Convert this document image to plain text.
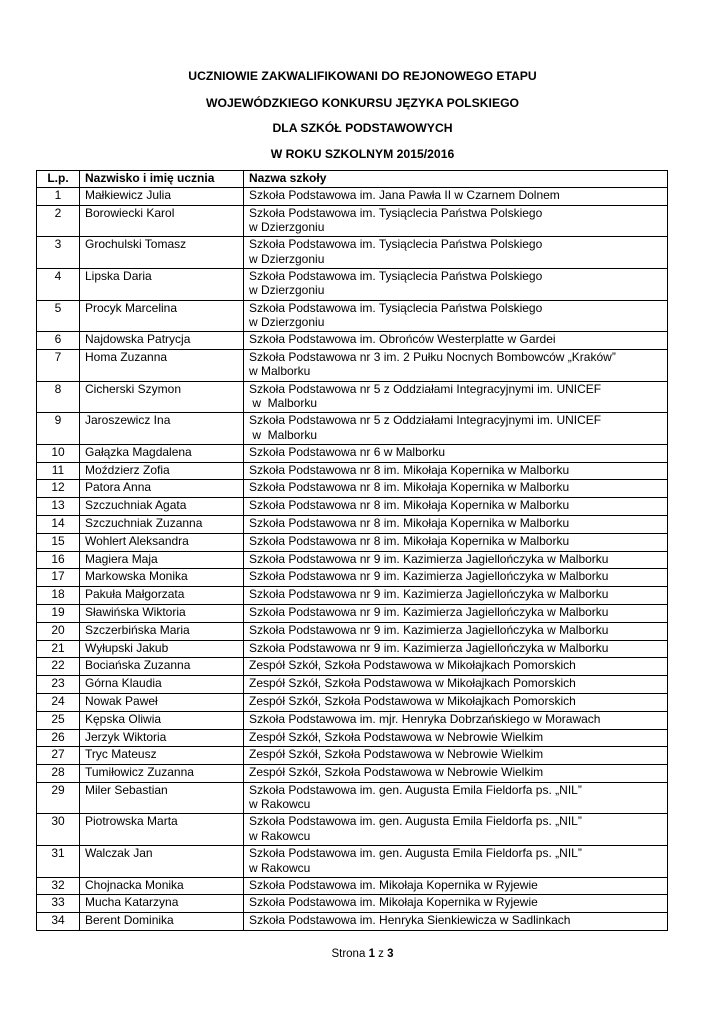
UCZNIOWIE ZAKWALIFIKOWANI DO REJONOWEGO ETAPU
WOJEWÓDZKIEGO KONKURSU JĘZYKA POLSKIEGO
DLA SZKÓŁ PODSTAWOWYCH
W ROKU SZKOLNYM 2015/2016
L.p.	Nazwisko i imię ucznia	Nazwa szkoły
1	Małkiewicz Julia	Szkoła Podstawowa im. Jana Pawła II w Czarnem Dolnem

2	Borowiecki Karol	Szkoła Podstawowa im. Tysiąclecia Państwa Polskiego
w Dzierzgoniu

3	Grochulski Tomasz	Szkoła Podstawowa im. Tysiąclecia Państwa Polskiego
w Dzierzgoniu

4	Lipska Daria	Szkoła Podstawowa im. Tysiąclecia Państwa Polskiego
w Dzierzgoniu

5	Procyk Marcelina	Szkoła Podstawowa im. Tysiąclecia Państwa Polskiego
w Dzierzgoniu

6	Najdowska Patrycja	Szkoła Podstawowa im. Obrońców Westerplatte w Gardei

7	Homa Zuzanna	Szkoła Podstawowa nr 3 im. 2 Pułku Nocnych Bombowców „Kraków”
w Malborku

8	Cicherski Szymon	Szkoła Podstawowa nr 5 z Oddziałami Integracyjnymi im. UNICEF
w  Malborku

9	Jaroszewicz Ina	Szkoła Podstawowa nr 5 z Oddziałami Integracyjnymi im. UNICEF
w  Malborku

10	Gałązka Magdalena	Szkoła Podstawowa nr 6 w Malborku

11	Moździerz Zofia	Szkoła Podstawowa nr 8 im. Mikołaja Kopernika w Malborku

12	Patora Anna	Szkoła Podstawowa nr 8 im. Mikołaja Kopernika w Malborku

13	Szczuchniak Agata	Szkoła Podstawowa nr 8 im. Mikołaja Kopernika w Malborku

14	Szczuchniak Zuzanna	Szkoła Podstawowa nr 8 im. Mikołaja Kopernika w Malborku

15	Wohlert Aleksandra	Szkoła Podstawowa nr 8 im. Mikołaja Kopernika w Malborku

16	Magiera Maja	Szkoła Podstawowa nr 9 im. Kazimierza Jagiellończyka w Malborku

17	Markowska Monika	Szkoła Podstawowa nr 9 im. Kazimierza Jagiellończyka w Malborku

18	Pakuła Małgorzata	Szkoła Podstawowa nr 9 im. Kazimierza Jagiellończyka w Malborku

19	Sławińska Wiktoria	Szkoła Podstawowa nr 9 im. Kazimierza Jagiellończyka w Malborku

20	Szczerbińska Maria	Szkoła Podstawowa nr 9 im. Kazimierza Jagiellończyka w Malborku

21	Wyłupski Jakub	Szkoła Podstawowa nr 9 im. Kazimierza Jagiellończyka w Malborku

22	Bociańska Zuzanna	Zespół Szkół, Szkoła Podstawowa w Mikołajkach Pomorskich

23	Górna Klaudia	Zespół Szkół, Szkoła Podstawowa w Mikołajkach Pomorskich

24	Nowak Paweł	Zespół Szkół, Szkoła Podstawowa w Mikołajkach Pomorskich

25	Kępska Oliwia	Szkoła Podstawowa im. mjr. Henryka Dobrzańskiego w Morawach

26	Jerzyk Wiktoria	Zespół Szkół, Szkoła Podstawowa w Nebrowie Wielkim

27	Tryc Mateusz	Zespół Szkół, Szkoła Podstawowa w Nebrowie Wielkim

28	Tumiłowicz Zuzanna	Zespół Szkół, Szkoła Podstawowa w Nebrowie Wielkim

29	Miler Sebastian	Szkoła Podstawowa im. gen. Augusta Emila Fieldorfa ps. „NIL”
w Rakowcu

30	Piotrowska Marta	Szkoła Podstawowa im. gen. Augusta Emila Fieldorfa ps. „NIL”
w Rakowcu

31	Walczak Jan	Szkoła Podstawowa im. gen. Augusta Emila Fieldorfa ps. „NIL”
w Rakowcu

32	Chojnacka Monika	Szkoła Podstawowa im. Mikołaja Kopernika w Ryjewie

33	Mucha Katarzyna	Szkoła Podstawowa im. Mikołaja Kopernika w Ryjewie

34	Berent Dominika	Szkoła Podstawowa im. Henryka Sienkiewicza w Sadlinkach
Strona 1 z 3
